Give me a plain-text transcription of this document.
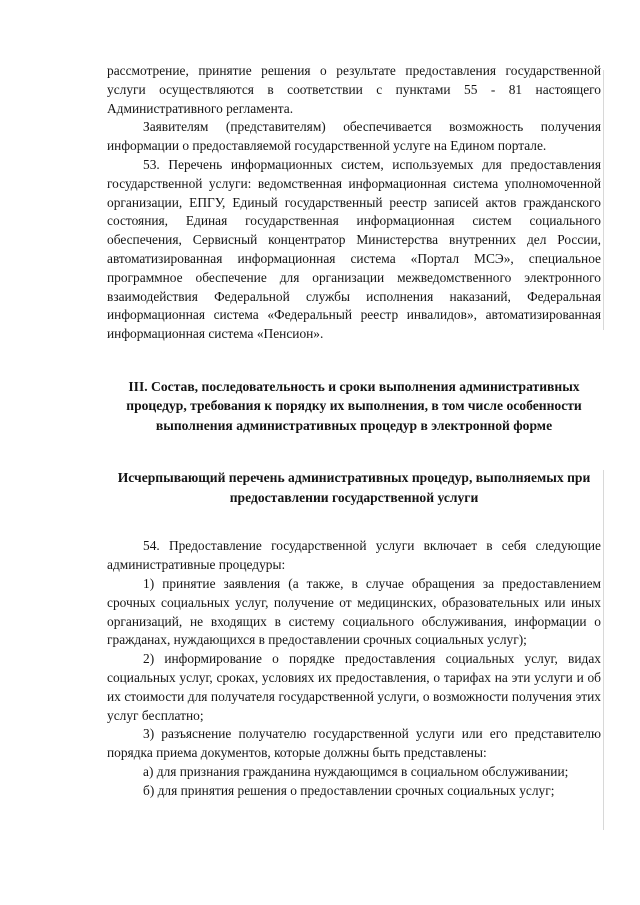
рассмотрение, принятие решения о результате предоставления государственной услуги осуществляются в соответствии с пунктами 55 - 81 настоящего Административного регламента.

Заявителям (представителям) обеспечивается возможность получения информации о предоставляемой государственной услуге на Едином портале.

53. Перечень информационных систем, используемых для предоставления государственной услуги: ведомственная информационная система уполномоченной организации, ЕПГУ, Единый государственный реестр записей актов гражданского состояния, Единая государственная информационная систем социального обеспечения, Сервисный концентратор Министерства внутренних дел России, автоматизированная информационная система «Портал МСЭ», специальное программное обеспечение для организации межведомственного электронного взаимодействия Федеральной службы исполнения наказаний, Федеральная информационная система «Федеральный реестр инвалидов», автоматизированная информационная система «Пенсион».

III. Состав, последовательность и сроки выполнения административных процедур, требования к порядку их выполнения, в том числе особенности выполнения административных процедур в электронной форме

Исчерпывающий перечень административных процедур, выполняемых при предоставлении государственной услуги

54. Предоставление государственной услуги включает в себя следующие административные процедуры:

1) принятие заявления (а также, в случае обращения за предоставлением срочных социальных услуг, получение от медицинских, образовательных или иных организаций, не входящих в систему социального обслуживания, информации о гражданах, нуждающихся в предоставлении срочных социальных услуг);

2) информирование о порядке предоставления социальных услуг, видах социальных услуг, сроках, условиях их предоставления, о тарифах на эти услуги и об их стоимости для получателя государственной услуги, о возможности получения этих услуг бесплатно;

3) разъяснение получателю государственной услуги или его представителю порядка приема документов, которые должны быть представлены:

а) для признания гражданина нуждающимся в социальном обслуживании;

б) для принятия решения о предоставлении срочных социальных услуг;
